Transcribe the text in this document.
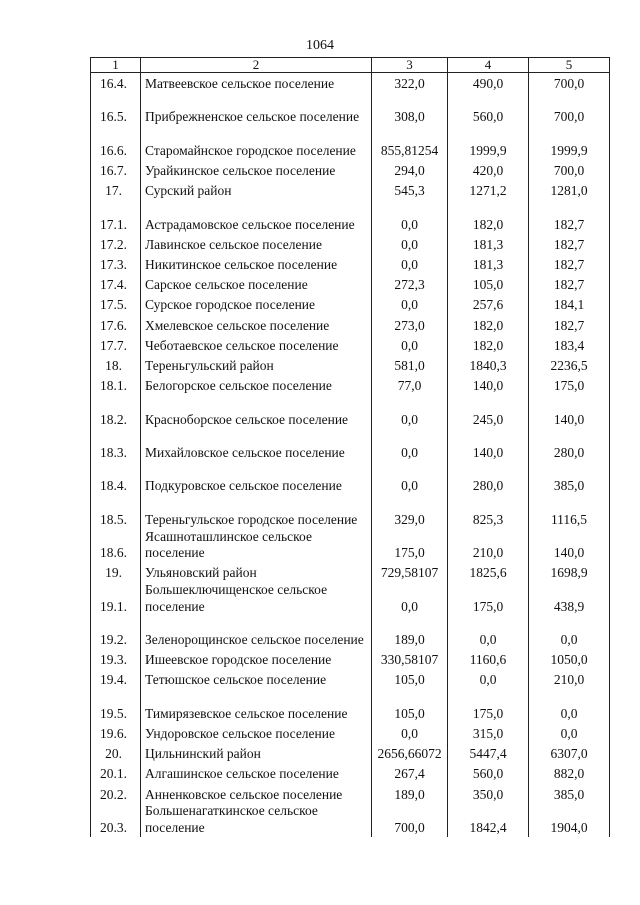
1064
1	2	3	4	5
16.4.	Матвеевское сельское поселение	322,0	490,0	700,0
16.5.	Прибрежненское сельское поселение	308,0	560,0	700,0
16.6.	Старомайнское городское поселение	855,81254	1999,9	1999,9
16.7.	Урайкинское сельское поселение	294,0	420,0	700,0
17.	Сурский район	545,3	1271,2	1281,0
17.1.	Астрадамовское сельское поселение	0,0	182,0	182,7
17.2.	Лавинское сельское поселение	0,0	181,3	182,7
17.3.	Никитинское сельское поселение	0,0	181,3	182,7
17.4.	Сарское сельское поселение	272,3	105,0	182,7
17.5.	Сурское городское поселение	0,0	257,6	184,1
17.6.	Хмелевское сельское поселение	273,0	182,0	182,7
17.7.	Чеботаевское сельское поселение	0,0	182,0	183,4
18.	Тереньгульский район	581,0	1840,3	2236,5
18.1.	Белогорское сельское поселение	77,0	140,0	175,0
18.2.	Красноборское сельское поселение	0,0	245,0	140,0
18.3.	Михайловское сельское поселение	0,0	140,0	280,0
18.4.	Подкуровское сельское поселение	0,0	280,0	385,0
18.5.	Тереньгульское городское поселение	329,0	825,3	1116,5
18.6.	Ясашноташлинское сельское поселение	175,0	210,0	140,0
19.	Ульяновский район	729,58107	1825,6	1698,9
19.1.	Большеключищенское сельское поселение	0,0	175,0	438,9
19.2.	Зеленорощинское сельское поселение	189,0	0,0	0,0
19.3.	Ишеевское городское поселение	330,58107	1160,6	1050,0
19.4.	Тетюшское сельское поселение	105,0	0,0	210,0
19.5.	Тимирязевское сельское поселение	105,0	175,0	0,0
19.6.	Ундоровское сельское поселение	0,0	315,0	0,0
20.	Цильнинский район	2656,66072	5447,4	6307,0
20.1.	Алгашинское сельское поселение	267,4	560,0	882,0
20.2.	Анненковское сельское поселение	189,0	350,0	385,0
20.3.	Большенагаткинское сельское поселение	700,0	1842,4	1904,0
